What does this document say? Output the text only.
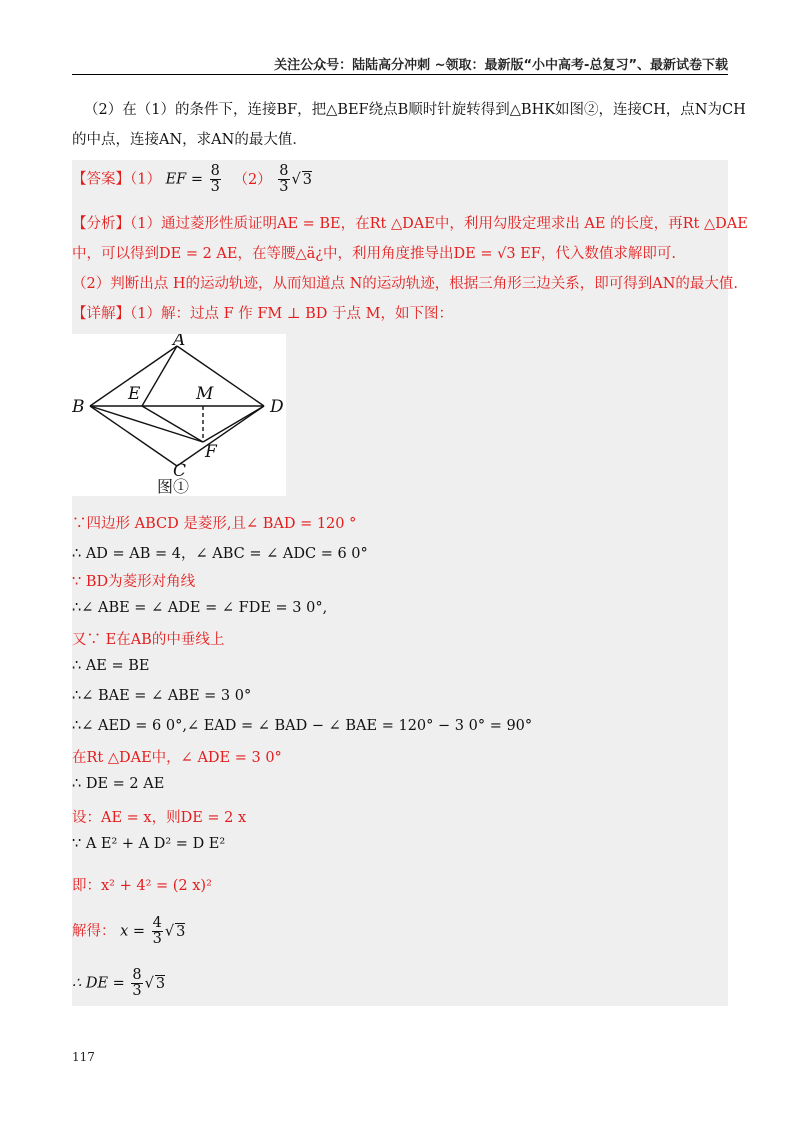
关注公众号：陆陆高分冲刺 ~领取：最新版“小中高考-总复习”、最新试卷下载
（2）在（1）的条件下，连接BF，把△BEF绕点B顺时针旋转得到△BHK如图②，连接CH，点N为CH
的中点，连接AN，求AN的最大值．
【答案】（1） EF = $\frac{8}{3} (2) \frac{8}{3}$ √ 3
【分析】（1）通过菱形性质证明AE = BE，在Rt △DAE中，利用勾股定理求出 AE 的长度，再Rt △DAE
中，可以得到DE = 2 AE，在等腰△ä¿中，利用角度推导出DE = √3 EF，代入数值求解即可.
（2）判断出点 H的运动轨迹，从而知道点 N的运动轨迹，根据三角形三边关系，即可得到AN的最大值.
【详解】（1）解：过点 F 作 FM ⊥ BD 于点 M，如下图：
A
B
C
D
E
F
M
图①
∵四边形 ABCD 是菱形,且∠ BAD = 120 °
∴ AD = AB = 4，∠ ABC = ∠ ADC = 6 0°
∵ BD为菱形对角线
∴∠ ABE = ∠ ADE = ∠ FDE = 3 0°,
又∵ E在AB的中垂线上
∴ AE = BE
∴∠ BAE = ∠ ABE = 3 0°
∴∠ AED = 6 0°,∠ EAD = ∠ BAD − ∠ BAE = 120° − 3 0° = 90°
在Rt △DAE中，∠ ADE = 3 0°
∴ DE = 2 AE
设：AE = x，则DE = 2 x
∵ A E² + A D² = D E²
即：x² + 4² = (2 x)²
解得： $x = \frac{4}{3}$ √ 3
∴ DE = $\frac{8}{3}$ √ 3
117
